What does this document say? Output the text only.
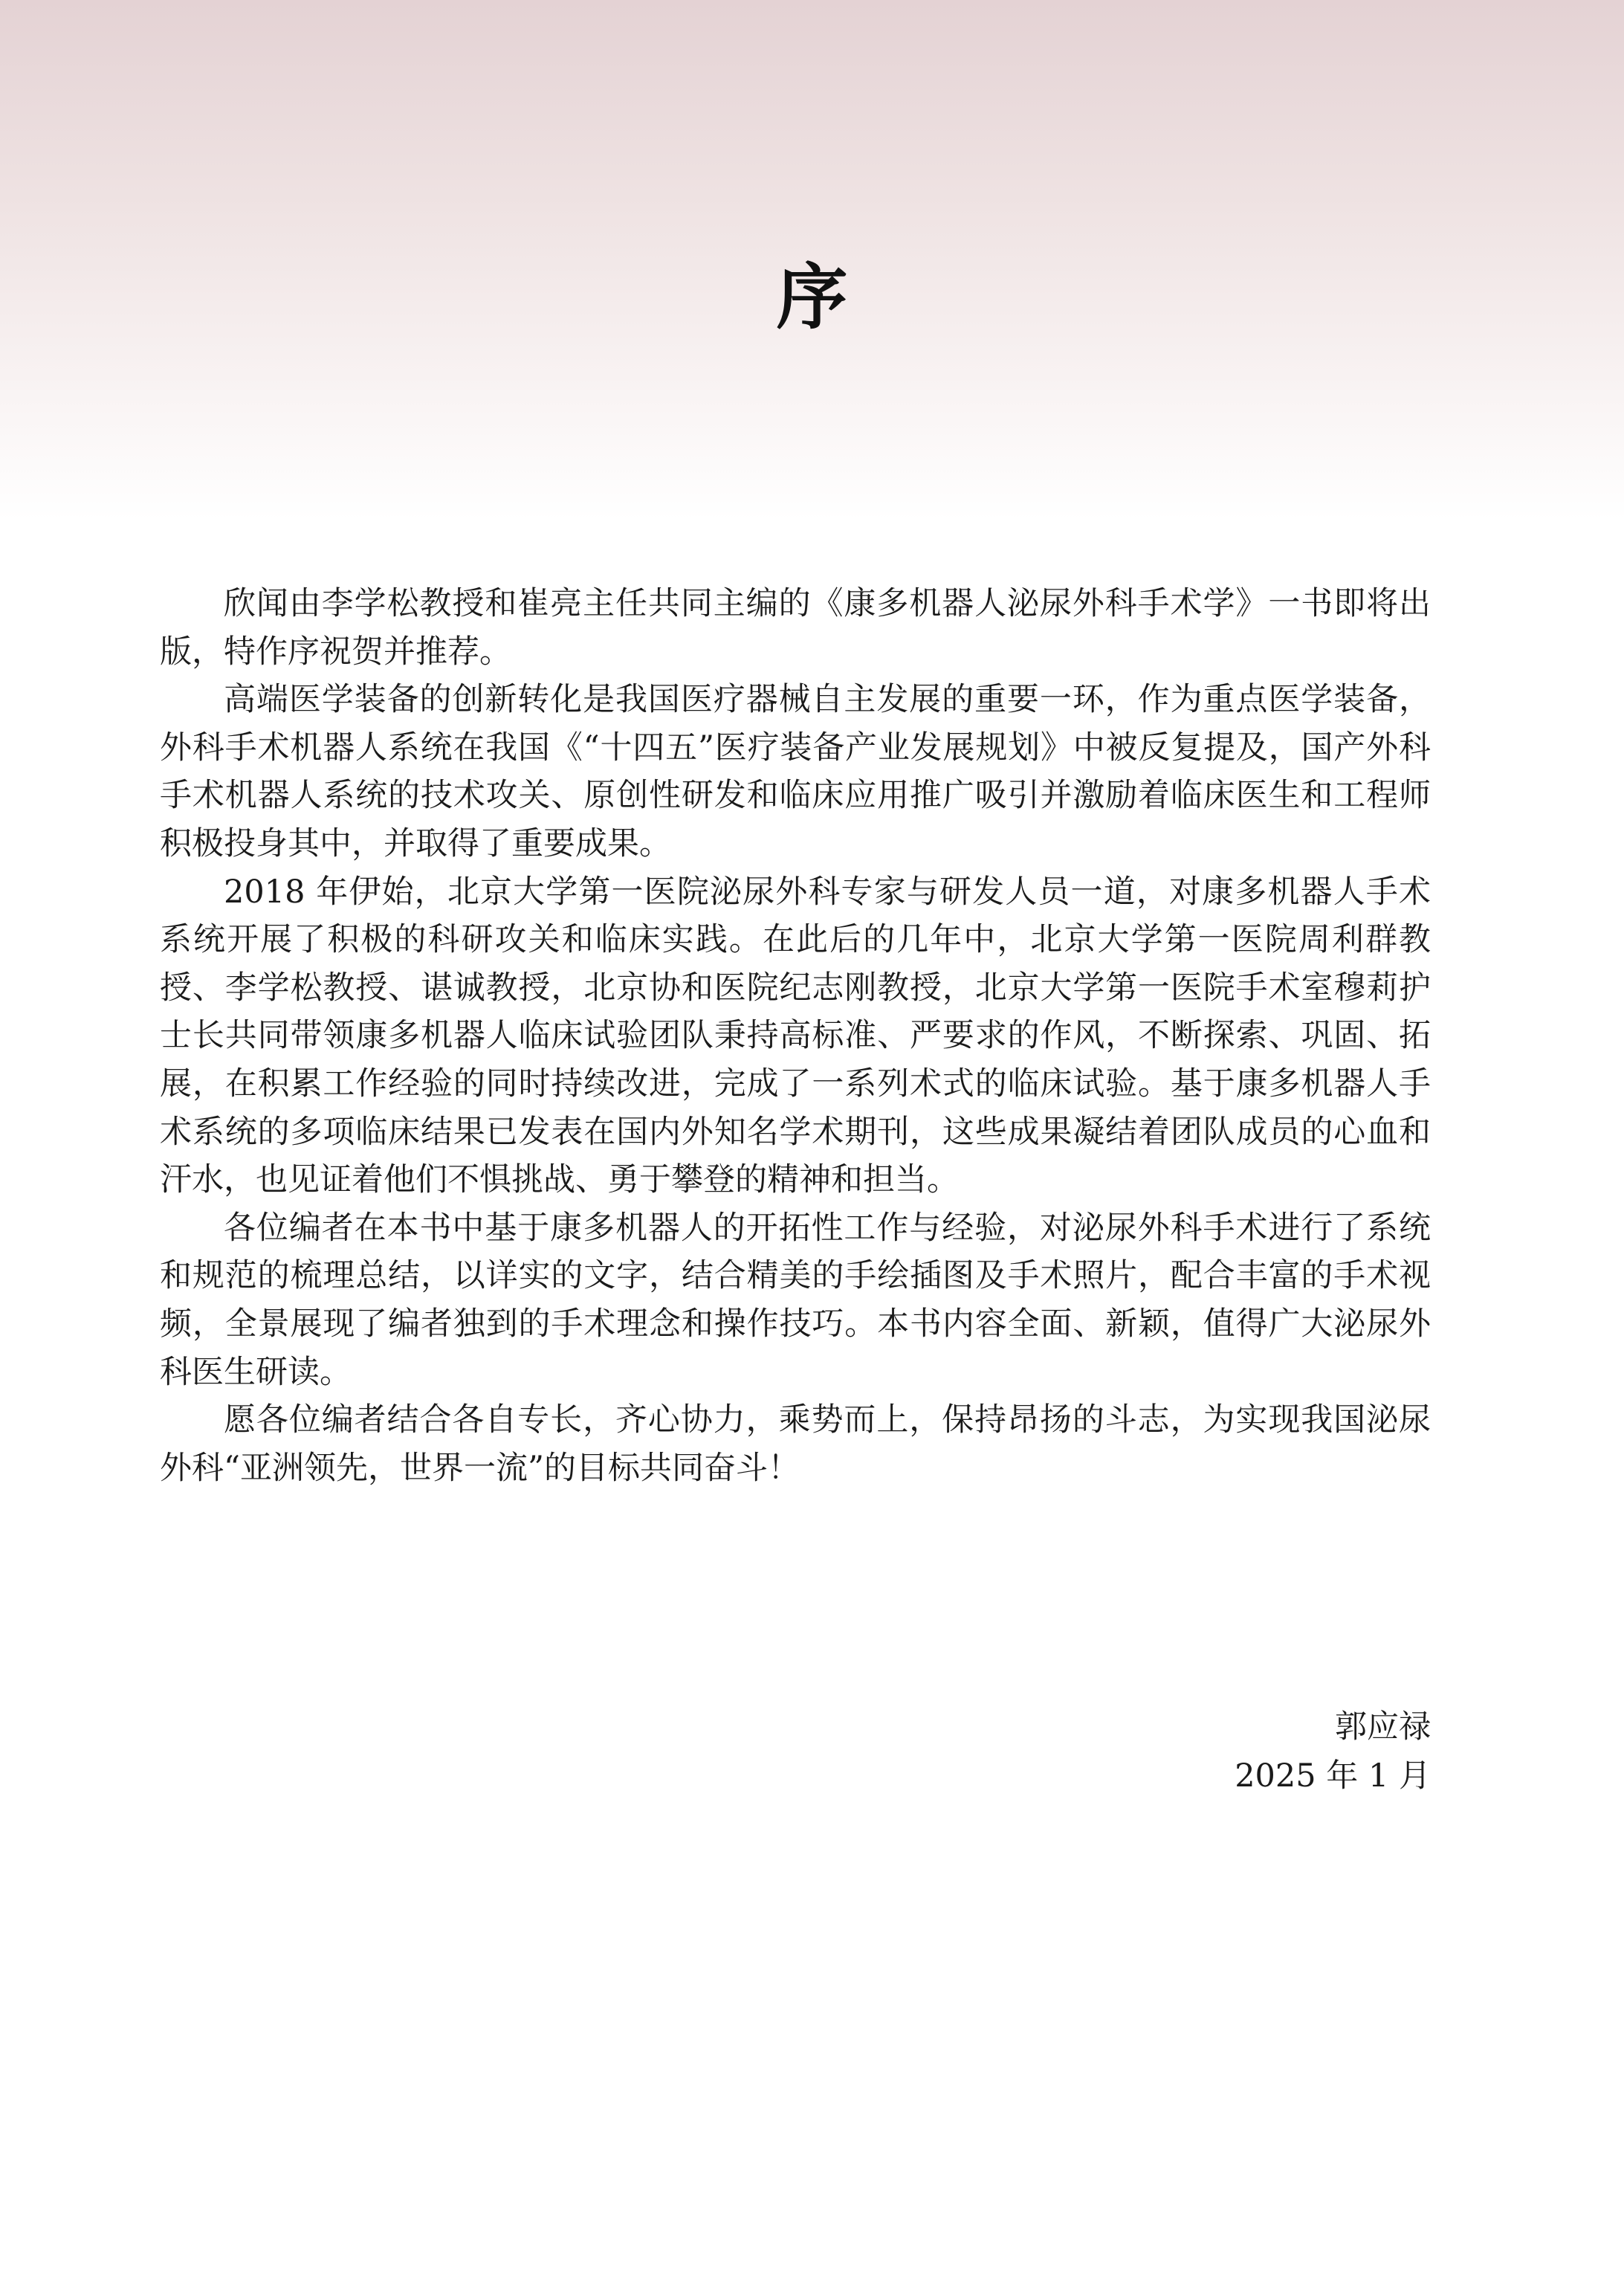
序

欣闻由李学松教授和崔亮主任共同主编的《康多机器人泌尿外科手术学》一书即将出版，特作序祝贺并推荐。

高端医学装备的创新转化是我国医疗器械自主发展的重要一环，作为重点医学装备，外科手术机器人系统在我国《“十四五”医疗装备产业发展规划》中被反复提及，国产外科手术机器人系统的技术攻关、原创性研发和临床应用推广吸引并激励着临床医生和工程师积极投身其中，并取得了重要成果。

2018 年伊始，北京大学第一医院泌尿外科专家与研发人员一道，对康多机器人手术系统开展了积极的科研攻关和临床实践。在此后的几年中，北京大学第一医院周利群教授、李学松教授、谌诚教授，北京协和医院纪志刚教授，北京大学第一医院手术室穆莉护士长共同带领康多机器人临床试验团队秉持高标准、严要求的作风，不断探索、巩固、拓展，在积累工作经验的同时持续改进，完成了一系列术式的临床试验。基于康多机器人手术系统的多项临床结果已发表在国内外知名学术期刊，这些成果凝结着团队成员的心血和汗水，也见证着他们不惧挑战、勇于攀登的精神和担当。

各位编者在本书中基于康多机器人的开拓性工作与经验，对泌尿外科手术进行了系统和规范的梳理总结，以详实的文字，结合精美的手绘插图及手术照片，配合丰富的手术视频，全景展现了编者独到的手术理念和操作技巧。本书内容全面、新颖，值得广大泌尿外科医生研读。

愿各位编者结合各自专长，齐心协力，乘势而上，保持昂扬的斗志，为实现我国泌尿外科“亚洲领先，世界一流”的目标共同奋斗！

郭应禄
2025 年 1 月
